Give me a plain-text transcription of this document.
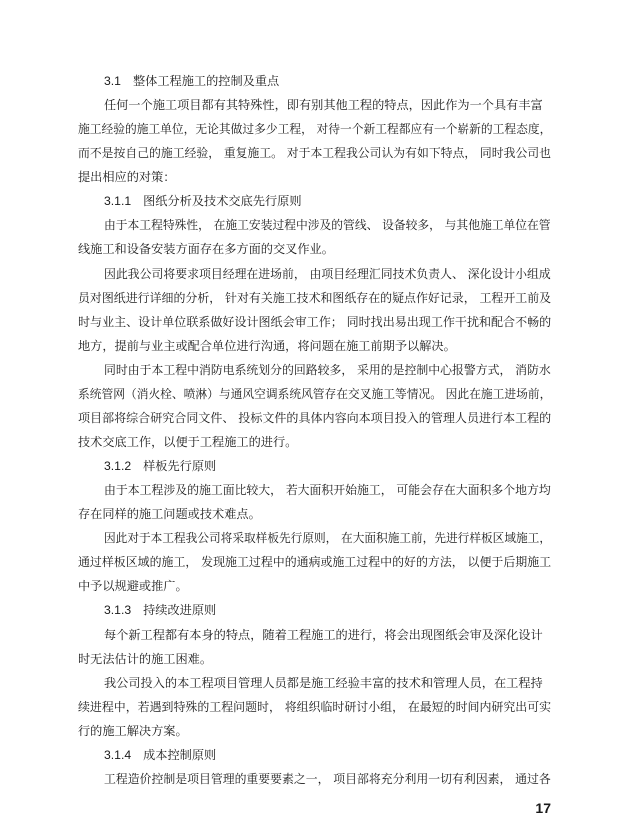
3.1 整体工程施工的控制及重点
任何一个施工项目都有其特殊性，即有别其他工程的特点，因此作为一个具有丰富
施工经验的施工单位，无论其做过多少工程， 对待一个新工程都应有一个崭新的工程态度，
而不是按自己的施工经验， 重复施工。 对于本工程我公司认为有如下特点， 同时我公司也
提出相应的对策：
3.1.1 图纸分析及技术交底先行原则
由于本工程特殊性， 在施工安装过程中涉及的管线、 设备较多， 与其他施工单位在管
线施工和设备安装方面存在多方面的交叉作业。
因此我公司将要求项目经理在进场前， 由项目经理汇同技术负责人、 深化设计小组成
员对图纸进行详细的分析， 针对有关施工技术和图纸存在的疑点作好记录， 工程开工前及
时与业主、设计单位联系做好设计图纸会审工作； 同时找出易出现工作干扰和配合不畅的
地方，提前与业主或配合单位进行沟通，将问题在施工前期予以解决。
同时由于本工程中消防电系统划分的回路较多， 采用的是控制中心报警方式， 消防水
系统管网（消火栓、喷淋）与通风空调系统风管存在交叉施工等情况。 因此在施工进场前，
项目部将综合研究合同文件、 投标文件的具体内容向本项目投入的管理人员进行本工程的
技术交底工作，以便于工程施工的进行。
3.1.2 样板先行原则
由于本工程涉及的施工面比较大， 若大面积开始施工， 可能会存在大面积多个地方均
存在同样的施工问题或技术难点。
因此对于本工程我公司将采取样板先行原则， 在大面积施工前，先进行样板区域施工，
通过样板区域的施工， 发现施工过程中的通病或施工过程中的好的方法， 以便于后期施工
中予以规避或推广。
3.1.3 持续改进原则
每个新工程都有本身的特点，随着工程施工的进行，将会出现图纸会审及深化设计
时无法估计的施工困难。
我公司投入的本工程项目管理人员都是施工经验丰富的技术和管理人员，在工程持
续进程中，若遇到特殊的工程问题时， 将组织临时研讨小组， 在最短的时间内研究出可实
行的施工解决方案。
3.1.4 成本控制原则
工程造价控制是项目管理的重要要素之一， 项目部将充分利用一切有利因素， 通过各
17
